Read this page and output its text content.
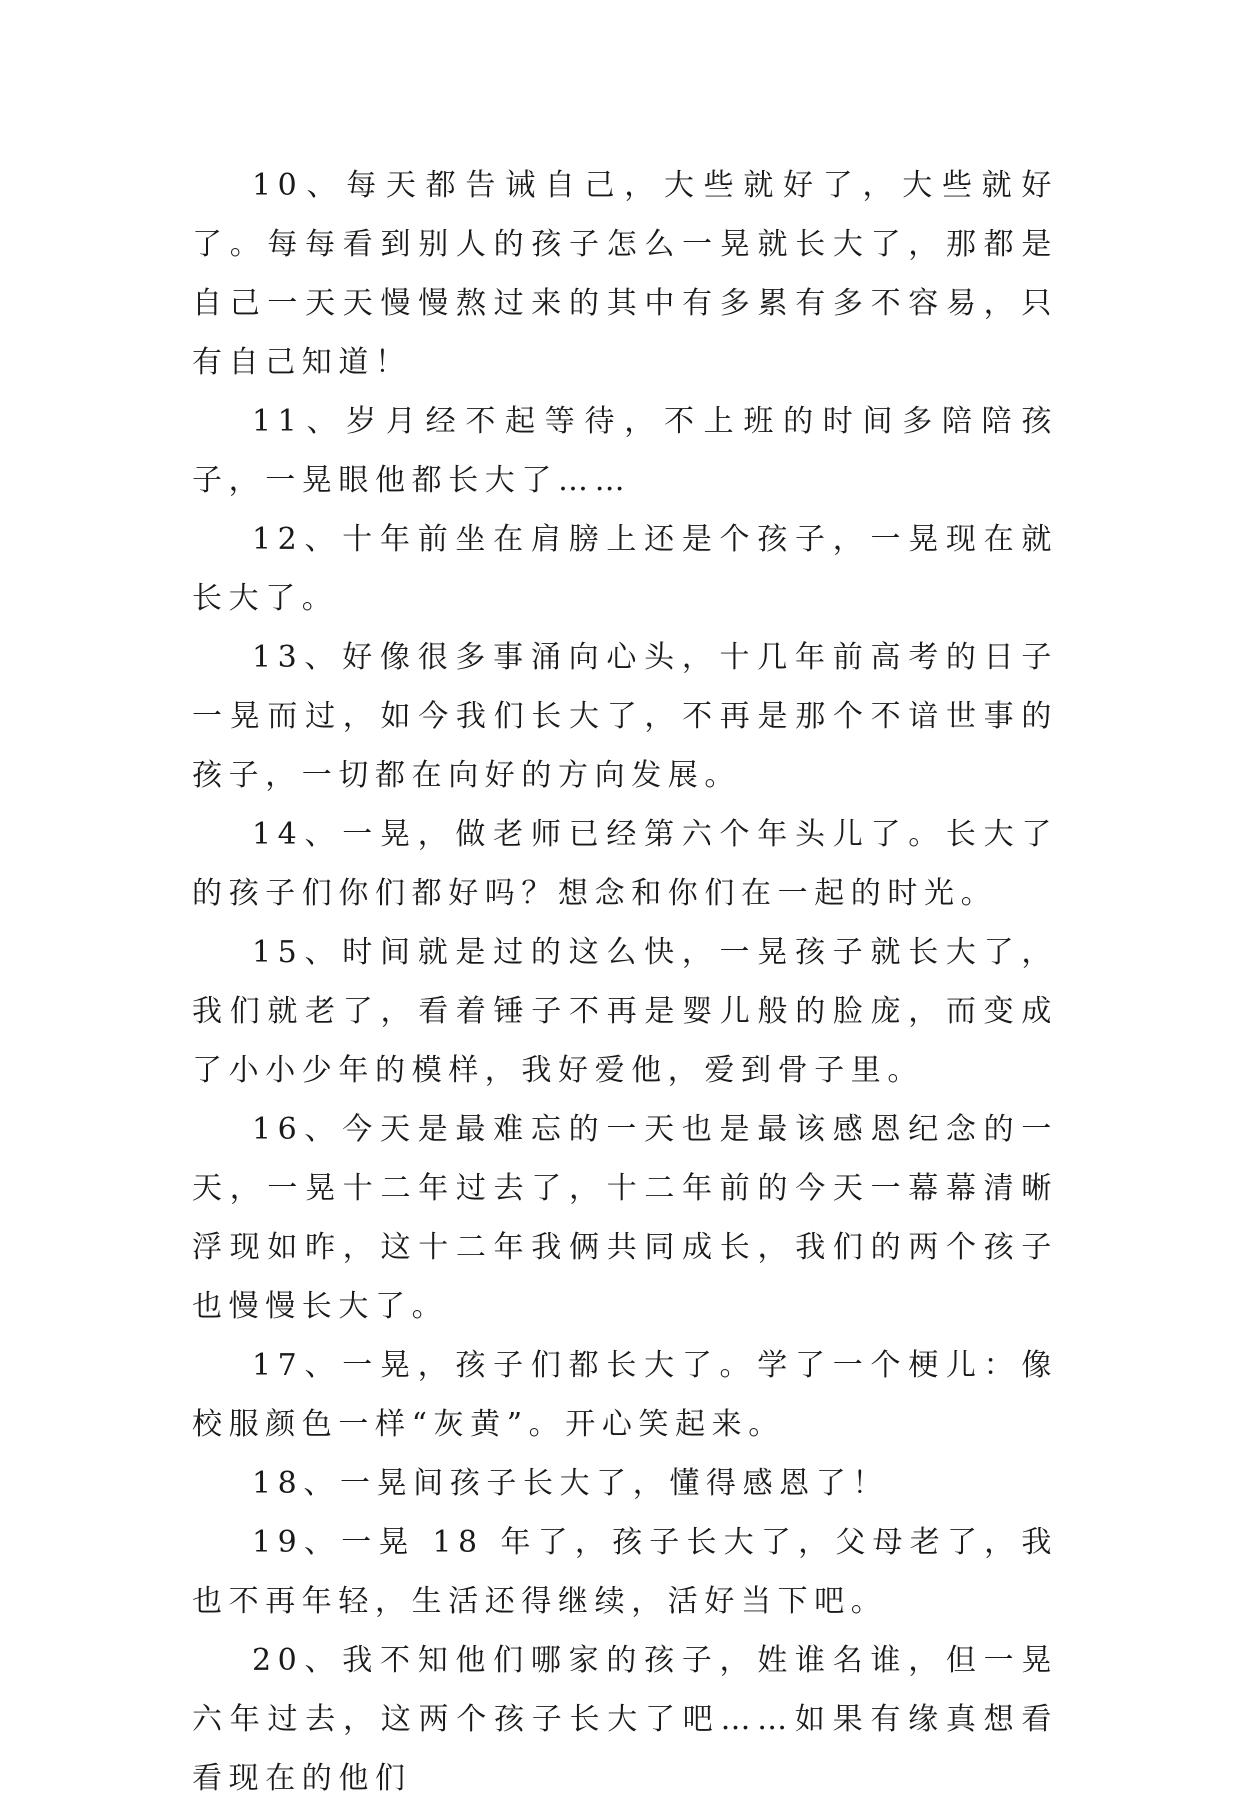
10、每天都告诫自己，大些就好了，大些就好了。每每看到别人的孩子怎么一晃就长大了，那都是自己一天天慢慢熬过来的其中有多累有多不容易，只有自己知道！

11、岁月经不起等待，不上班的时间多陪陪孩子，一晃眼他都长大了……

12、十年前坐在肩膀上还是个孩子，一晃现在就长大了。

13、好像很多事涌向心头，十几年前高考的日子一晃而过，如今我们长大了，不再是那个不谙世事的孩子，一切都在向好的方向发展。

14、一晃，做老师已经第六个年头儿了。长大了的孩子们你们都好吗？想念和你们在一起的时光。

15、时间就是过的这么快，一晃孩子就长大了，我们就老了，看着锤子不再是婴儿般的脸庞，而变成了小小少年的模样，我好爱他，爱到骨子里。

16、今天是最难忘的一天也是最该感恩纪念的一天，一晃十二年过去了，十二年前的今天一幕幕清晰浮现如昨，这十二年我俩共同成长，我们的两个孩子也慢慢长大了。

17、一晃，孩子们都长大了。学了一个梗儿：像校服颜色一样“灰黄”。开心笑起来。

18、一晃间孩子长大了，懂得感恩了！

19、一晃 18 年了，孩子长大了，父母老了，我也不再年轻，生活还得继续，活好当下吧。

20、我不知他们哪家的孩子，姓谁名谁，但一晃六年过去，这两个孩子长大了吧……如果有缘真想看看现在的他们
